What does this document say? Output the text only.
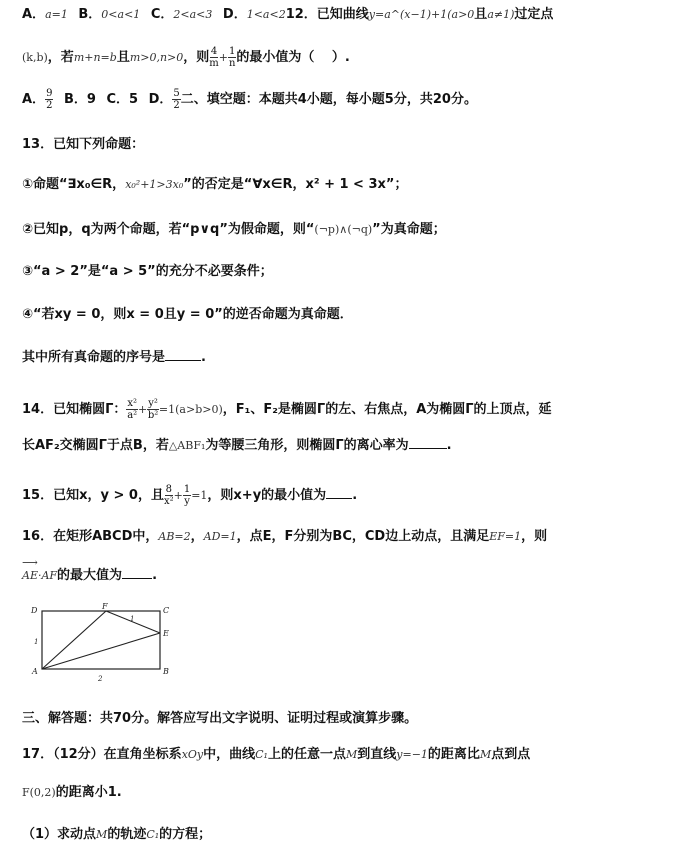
A．a=1 B．0<a<1 C．2<a<3 D．1<a<212．已知曲线y=a^(x−1)+1(a>0且a≠1)过定点
(k,b)，若m+n=b且m>0,n>0，则 $\frac{4}{m} + \frac{1}{n}$ 的最小值为（　 ）.
A． $\frac{9}{2}$ B．9 C．5 D． $\frac{5}{2}$ 二、填空题：本题共4小题，每小题5分，共20分。
13．已知下列命题：
①命题“∃x₀∈R，x₀²+1>3x₀”的否定是“∀x∈R，x² + 1 < 3x”；
②已知p，q为两个命题，若“p∨q”为假命题，则“(¬p)∧(¬q)”为真命题；
③“a > 2”是“a > 5”的充分不必要条件；
④“若xy = 0，则x = 0且y = 0”的逆否命题为真命题．
其中所有真命题的序号是	.
14．已知椭圆Γ： $\frac{\text{x²}}{\text{a²}} + \frac{\text{y²}}{\text{b²}} =1(a>b>0)$，F₁、F₂是椭圆Γ的左、右焦点，A为椭圆Γ的上顶点，延
长AF₂交椭圆Γ于点B，若△ABF₁为等腰三角形，则椭圆Γ的离心率为	.
15．已知x，y > 0，且 $\frac{8}{\text{x²}} + \frac{1}{y} =1$，则x+y的最小值为 .
16．在矩形ABCD中，AB=2，AD=1，点E，F分别为BC，CD边上动点，且满足EF=1，则
⟶ AE·AF的最大值为 .
D	F	C
E
A	B
1
2
1
三、解答题：共70分。解答应写出文字说明、证明过程或演算步骤。
17．（12分）在直角坐标系xOy中，曲线C₁上的任意一点M到直线y=−1的距离比M点到点
F(0,2)的距离小1.
（1）求动点M的轨迹C₁的方程；
